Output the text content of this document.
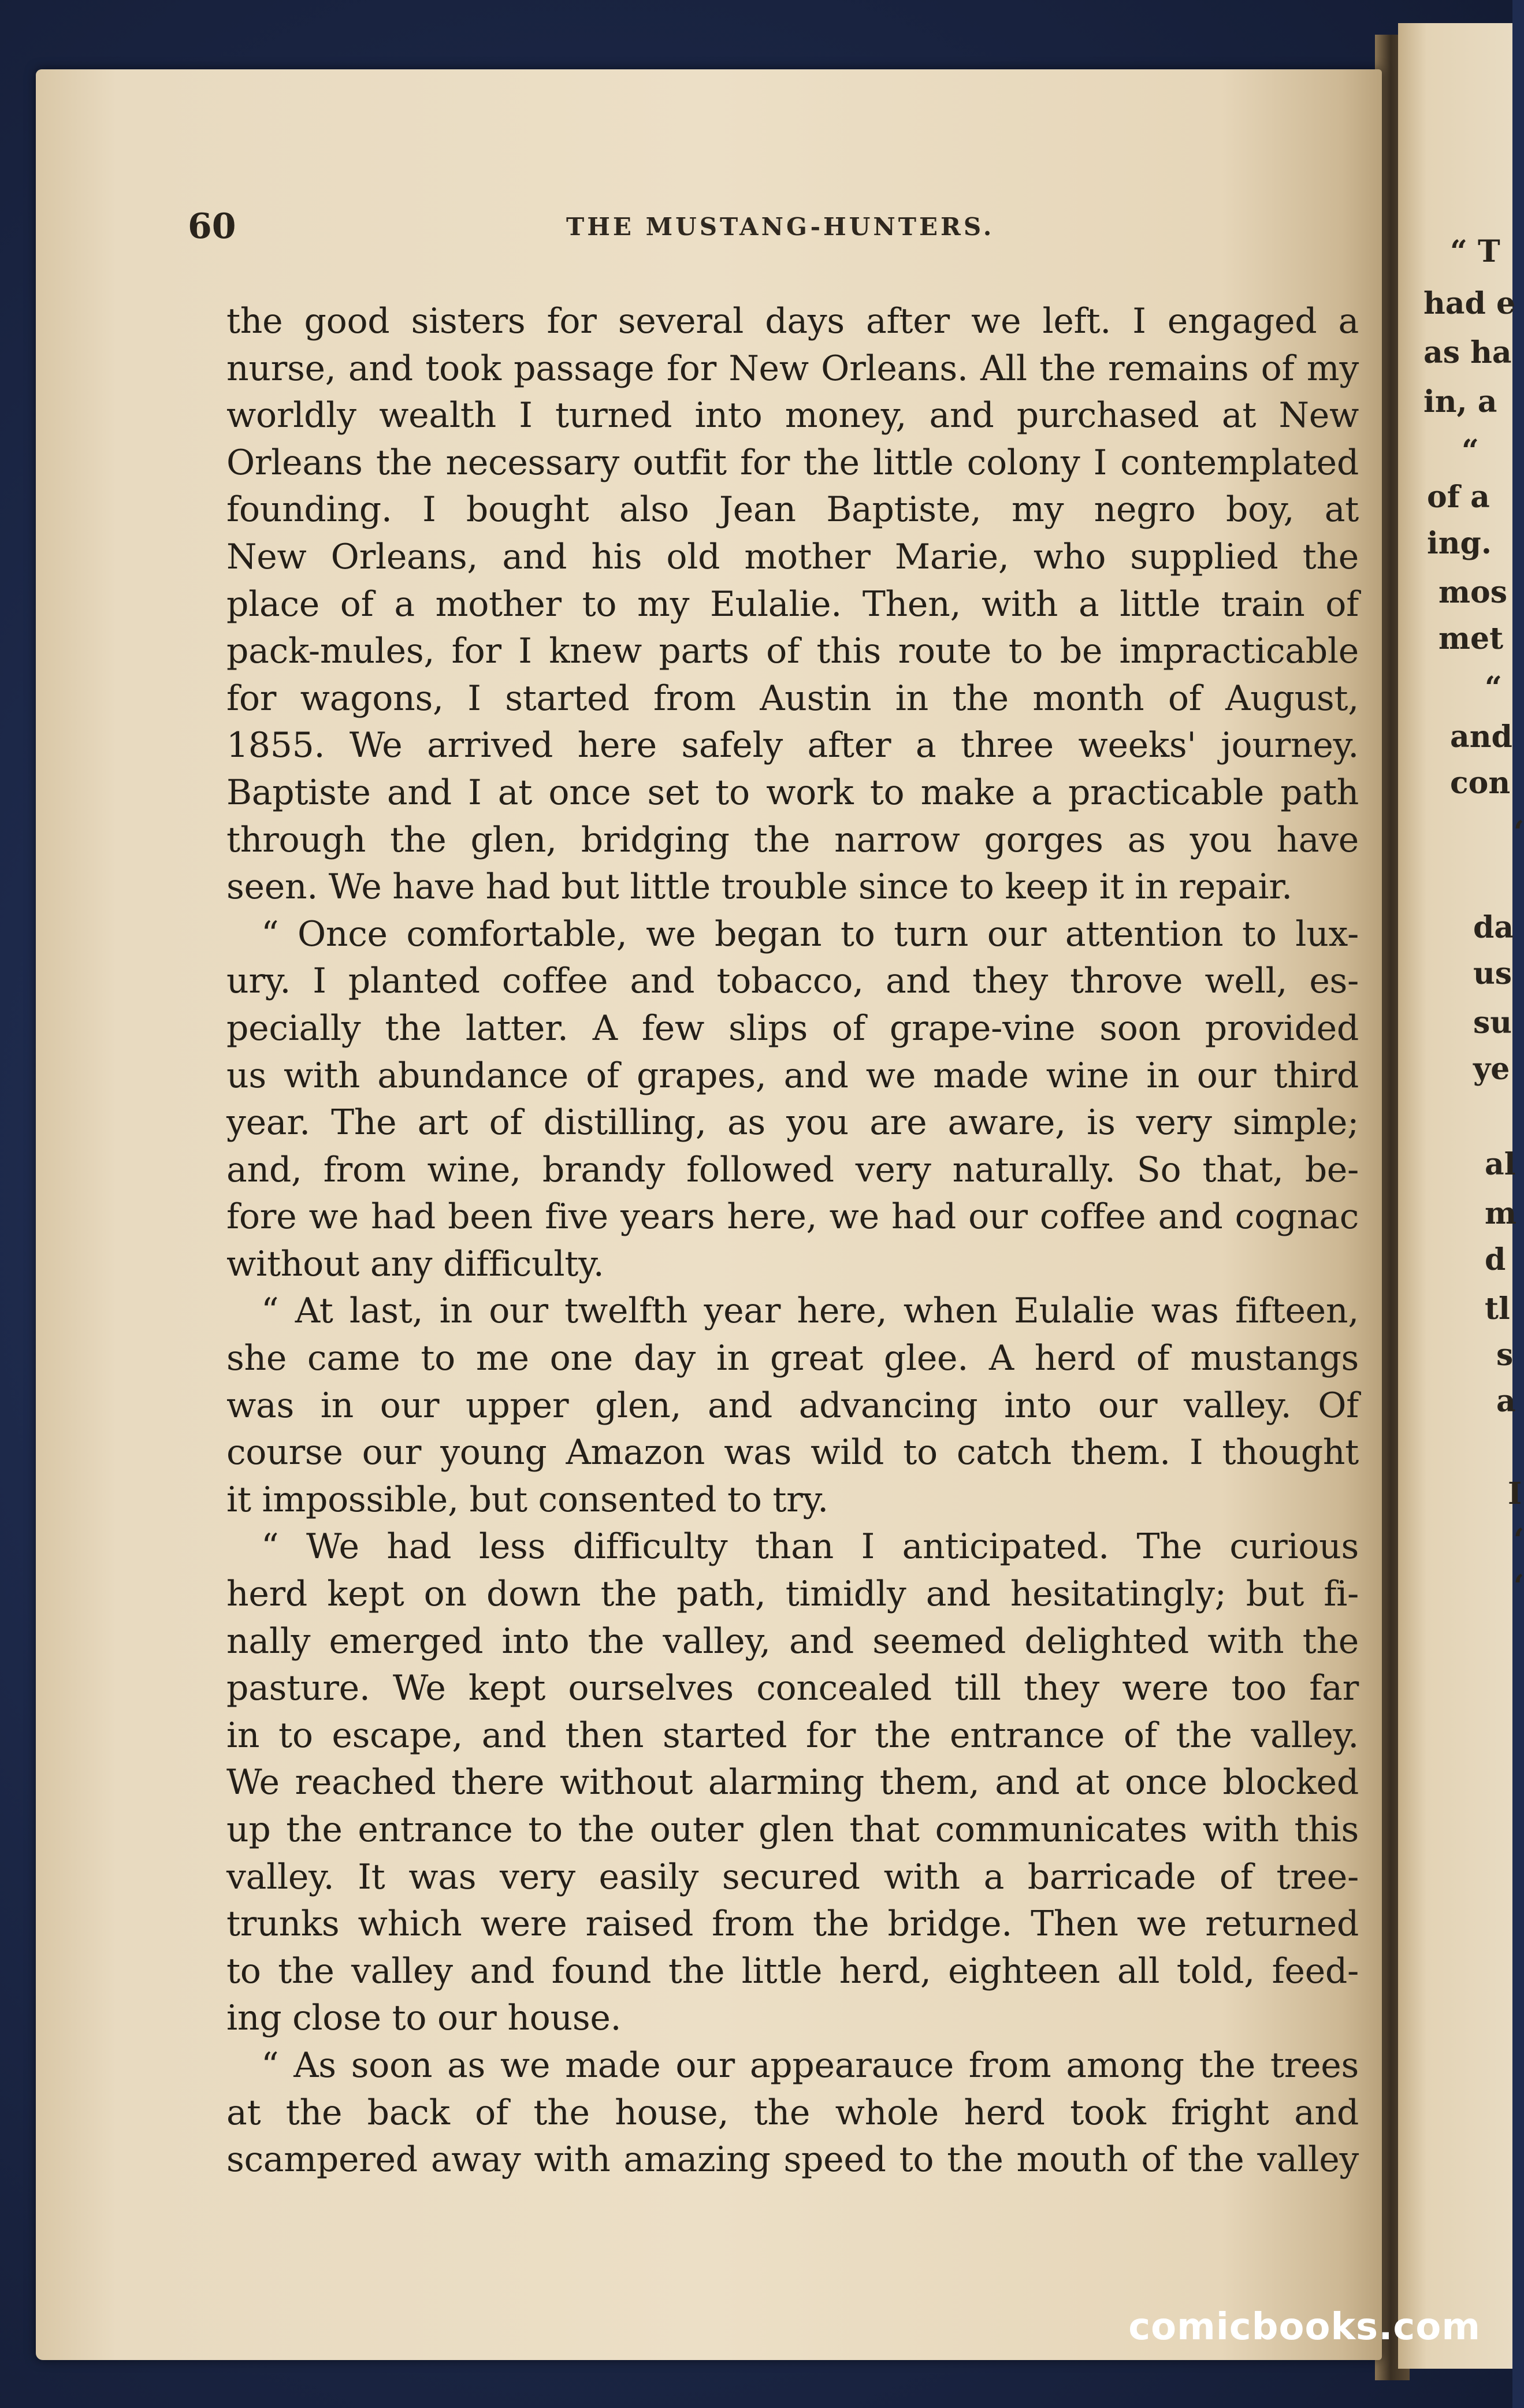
“ T
had e
as ha
in, a
“
of a
ing.
mos
met
“
and
con
‘
da
us
su
ye
al
m
d
tl
s
a
I
‘
‘
60	THE MUSTANG-HUNTERS.
the good sisters for several days after we left. I engaged a
nurse, and took passage for New Orleans. All the remains of my
worldly wealth I turned into money, and purchased at New
Orleans the necessary outfit for the little colony I contemplated
founding. I bought also Jean Baptiste, my negro boy, at
New Orleans, and his old mother Marie, who supplied the
place of a mother to my Eulalie. Then, with a little train of
pack-mules, for I knew parts of this route to be impracticable
for wagons, I started from Austin in the month of August,
1855. We arrived here safely after a three weeks' journey.
Baptiste and I at once set to work to make a practicable path
through the glen, bridging the narrow gorges as you have
seen. We have had but little trouble since to keep it in repair.
“ Once comfortable, we began to turn our attention to lux-
ury. I planted coffee and tobacco, and they throve well, es-
pecially the latter. A few slips of grape-vine soon provided
us with abundance of grapes, and we made wine in our third
year. The art of distilling, as you are aware, is very simple;
and, from wine, brandy followed very naturally. So that, be-
fore we had been five years here, we had our coffee and cognac
without any difficulty.
“ At last, in our twelfth year here, when Eulalie was fifteen,
she came to me one day in great glee. A herd of mustangs
was in our upper glen, and advancing into our valley. Of
course our young Amazon was wild to catch them. I thought
it impossible, but consented to try.
“ We had less difficulty than I anticipated. The curious
herd kept on down the path, timidly and hesitatingly; but fi-
nally emerged into the valley, and seemed delighted with the
pasture. We kept ourselves concealed till they were too far
in to escape, and then started for the entrance of the valley.
We reached there without alarming them, and at once blocked
up the entrance to the outer glen that communicates with this
valley. It was very easily secured with a barricade of tree-
trunks which were raised from the bridge. Then we returned
to the valley and found the little herd, eighteen all told, feed-
ing close to our house.
“ As soon as we made our appearauce from among the trees
at the back of the house, the whole herd took fright and
scampered away with amazing speed to the mouth of the valley
comicbooks.com
